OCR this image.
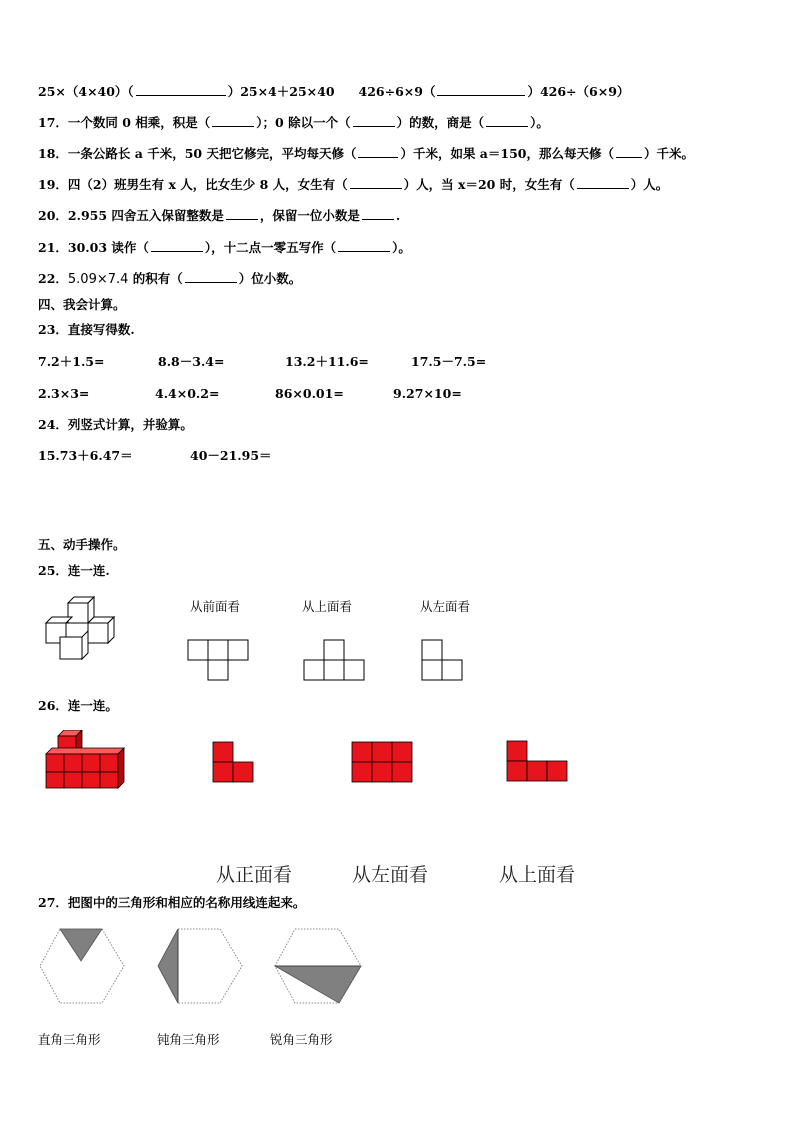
25×（4×40）（	）25×4＋25×40 426÷6×9（	）426÷（6×9）
17．一个数同 0 相乘，积是（	）；0 除以一个（	）的数，商是（	）。
18．一条公路长 a 千米，50 天把它修完，平均每天修（	）千米，如果 a＝150，那么每天修（ ）千米。
19．四（2）班男生有 x 人，比女生少 8 人，女生有（	）人，当 x＝20 时，女生有（	）人。
20．2.955 四舍五入保留整数是	，保留一位小数是	.
21．30.03 读作（	），十二点一零五写作（	）。
22．5.09×7.4 的积有（	）位小数。
四、我会计算。
23．直接写得数.
7.2＋1.5=	8.8－3.4=	13.2＋11.6=	17.5－7.5=
2.3×3=	4.4×0.2=	86×0.01=	9.27×10=
24．列竖式计算，并验算。
15.73＋6.47＝	40－21.95＝
五、动手操作。
25．连一连.
从前面看	从上面看	从左面看
26．连一连。
从正面看	从左面看	从上面看
27．把图中的三角形和相应的名称用线连起来。
直角三角形	钝角三角形	锐角三角形
